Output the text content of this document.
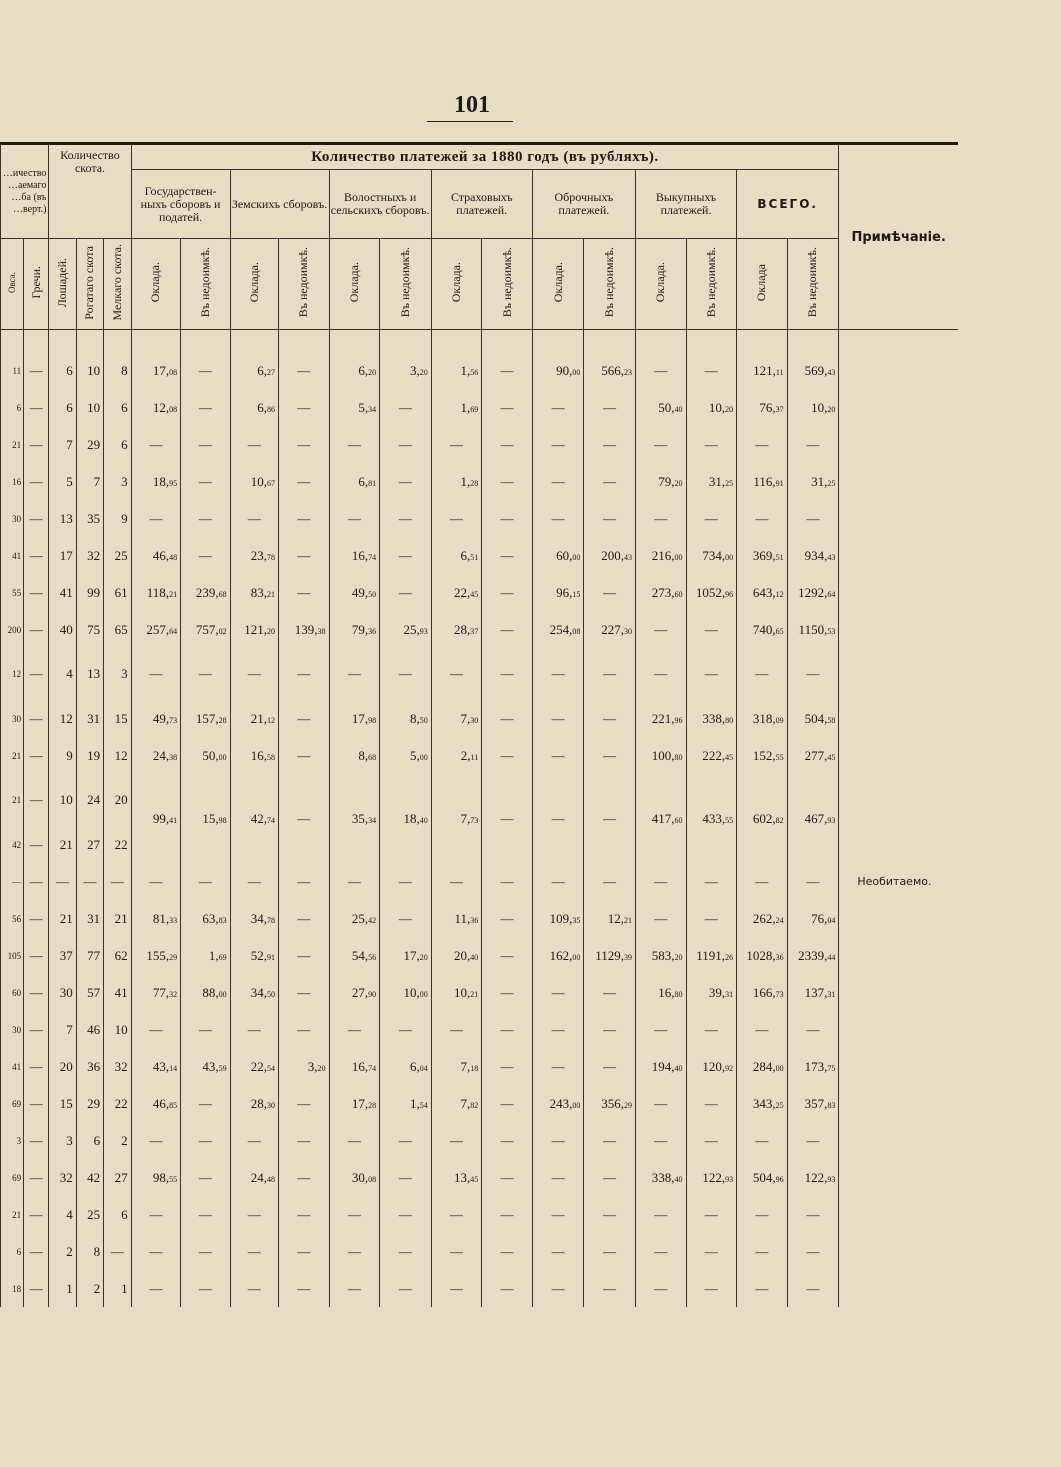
101
…ичество
…аемаго
…ба (въ
…верт.)		Количество скота.			Количество платежей за 1880 годъ (въ рубляхъ).														Примѣчаніе.
					Государствен-ныхъ сборовъ и податей.		Земскихъ сборовъ.		Волостныхъ и сельскихъ сборовъ.		Страховыхъ платежей.		Оброчныхъ платежей.		Выкупныхъ платежей.		ВСЕГО.		
Овса.	Гречи.	Лошадей.	Рогатаго скота	Мелкаго скота.	Оклада.	Въ недоимкѣ.	Оклада.	Въ недоимкѣ.	Оклада.	Въ недоимкѣ.	Оклада.	Въ недоимкѣ.	Оклада.	Въ недоимкѣ.	Оклада.	Въ недоимкѣ.	Оклада	Въ недоимкѣ.	
11	—	6	10	8	17,08	—	6,27	—	6,20	3,20	1,56	—	90,00	566,23	—	—	121,11	569,43	
6	—	6	10	6	12,08	—	6,86	—	5,34	—	1,69	—	—	—	50,40	10,20	76,37	10,20	
21	—	7	29	6	—	—	—	—	—	—	—	—	—	—	—	—	—	—	
16	—	5	7	3	18,95	—	10,67	—	6,81	—	1,28	—	—	—	79,20	31,25	116,91	31,25	
30	—	13	35	9	—	—	—	—	—	—	—	—	—	—	—	—	—	—	
41	—	17	32	25	46,48	—	23,78	—	16,74	—	6,51	—	60,00	200,43	216,00	734,00	369,51	934,43	
55	—	41	99	61	118,21	239,68	83,21	—	49,50	—	22,45	—	96,15	—	273,60	1052,96	643,12	1292,64	
200	—	40	75	65	257,64	757,02	121,20	139,38	79,36	25,93	28,37	—	254,08	227,30	—	—	740,65	1150,53	
12	—	4	13	3	—	—	—	—	—	—	—	—	—	—	—	—	—	—	
30	—	12	31	15	49,73	157,28	21,12	—	17,98	8,50	7,30	—	—	—	221,96	338,80	318,09	504,58	
21	—	9	19	12	24,38	50,00	16,58	—	8,68	5,00	2,11	—	—	—	100,80	222,45	152,55	277,45	
21	—	10	24	20	99,41	15,98	42,74	—	35,34	18,40	7,73	—	—	—	417,60	433,55	602,82	467,93	
42	—	21	27	22															
—	—	—	—	—	—	—	—	—	—	—	—	—	—	—	—	—	—	—	Необитаемо.
56	—	21	31	21	81,33	63,83	34,78	—	25,42	—	11,36	—	109,35	12,21	—	—	262,24	76,04	
105	—	37	77	62	155,29	1,69	52,91	—	54,56	17,20	20,40	—	162,00	1129,39	583,20	1191,26	1028,36	2339,44	
60	—	30	57	41	77,32	88,00	34,50	—	27,90	10,00	10,21	—	—	—	16,80	39,31	166,73	137,31	
30	—	7	46	10	—	—	—	—	—	—	—	—	—	—	—	—	—	—	
41	—	20	36	32	43,14	43,59	22,54	3,20	16,74	6,04	7,18	—	—	—	194,40	120,92	284,00	173,75	
69	—	15	29	22	46,85	—	28,30	—	17,28	1,54	7,82	—	243,00	356,29	—	—	343,25	357,83	
3	—	3	6	2	—	—	—	—	—	—	—	—	—	—	—	—	—	—	
69	—	32	42	27	98,55	—	24,48	—	30,08	—	13,45	—	—	—	338,40	122,93	504,96	122,93	
21	—	4	25	6	—	—	—	—	—	—	—	—	—	—	—	—	—	—	
6	—	2	8	—	—	—	—	—	—	—	—	—	—	—	—	—	—	—	
18	—	1	2	1	—	—	—	—	—	—	—	—	—	—	—	—	—	—	
